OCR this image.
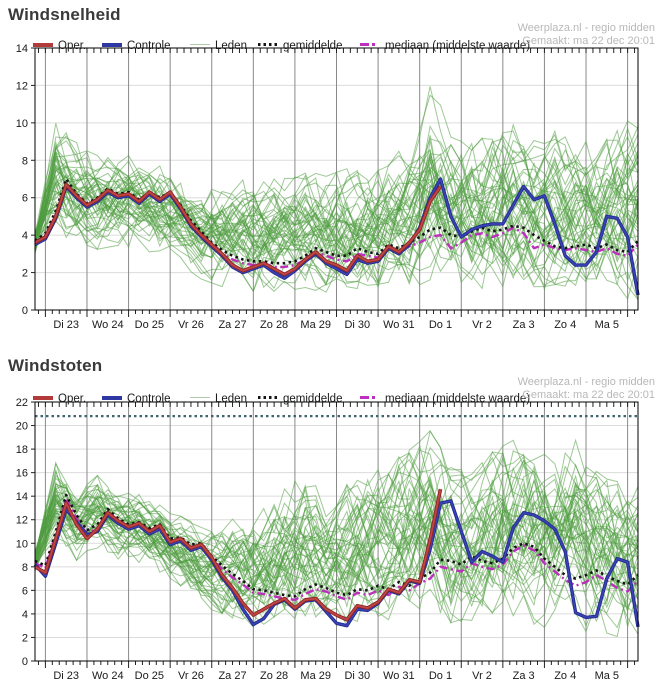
0
2
4
6
8
10
12
14
Di 23 Wo 24 Do 25 Vr 26 Za 27 Zo 28 Ma 29 Di 30 Wo 31 Do 1 Vr 2 Za 3 Zo 4 Ma 5
0
2
4
6
8
10
12
14
16
18
20
22
Di 23 Wo 24 Do 25 Vr 26 Za 27 Zo 28 Ma 29 Di 30 Wo 31 Do 1 Vr 2 Za 3 Zo 4 Ma 5
Windsnelheid
Oper.	Controle	Leden	gemiddelde	mediaan (middelste waarde)
Weerplaza.nl - regio midden
Gemaakt: ma 22 dec 20:01
Windstoten
Oper.	Controle	Leden	gemiddelde	mediaan (middelste waarde)
Weerplaza.nl - regio midden
Gemaakt: ma 22 dec 20:01
